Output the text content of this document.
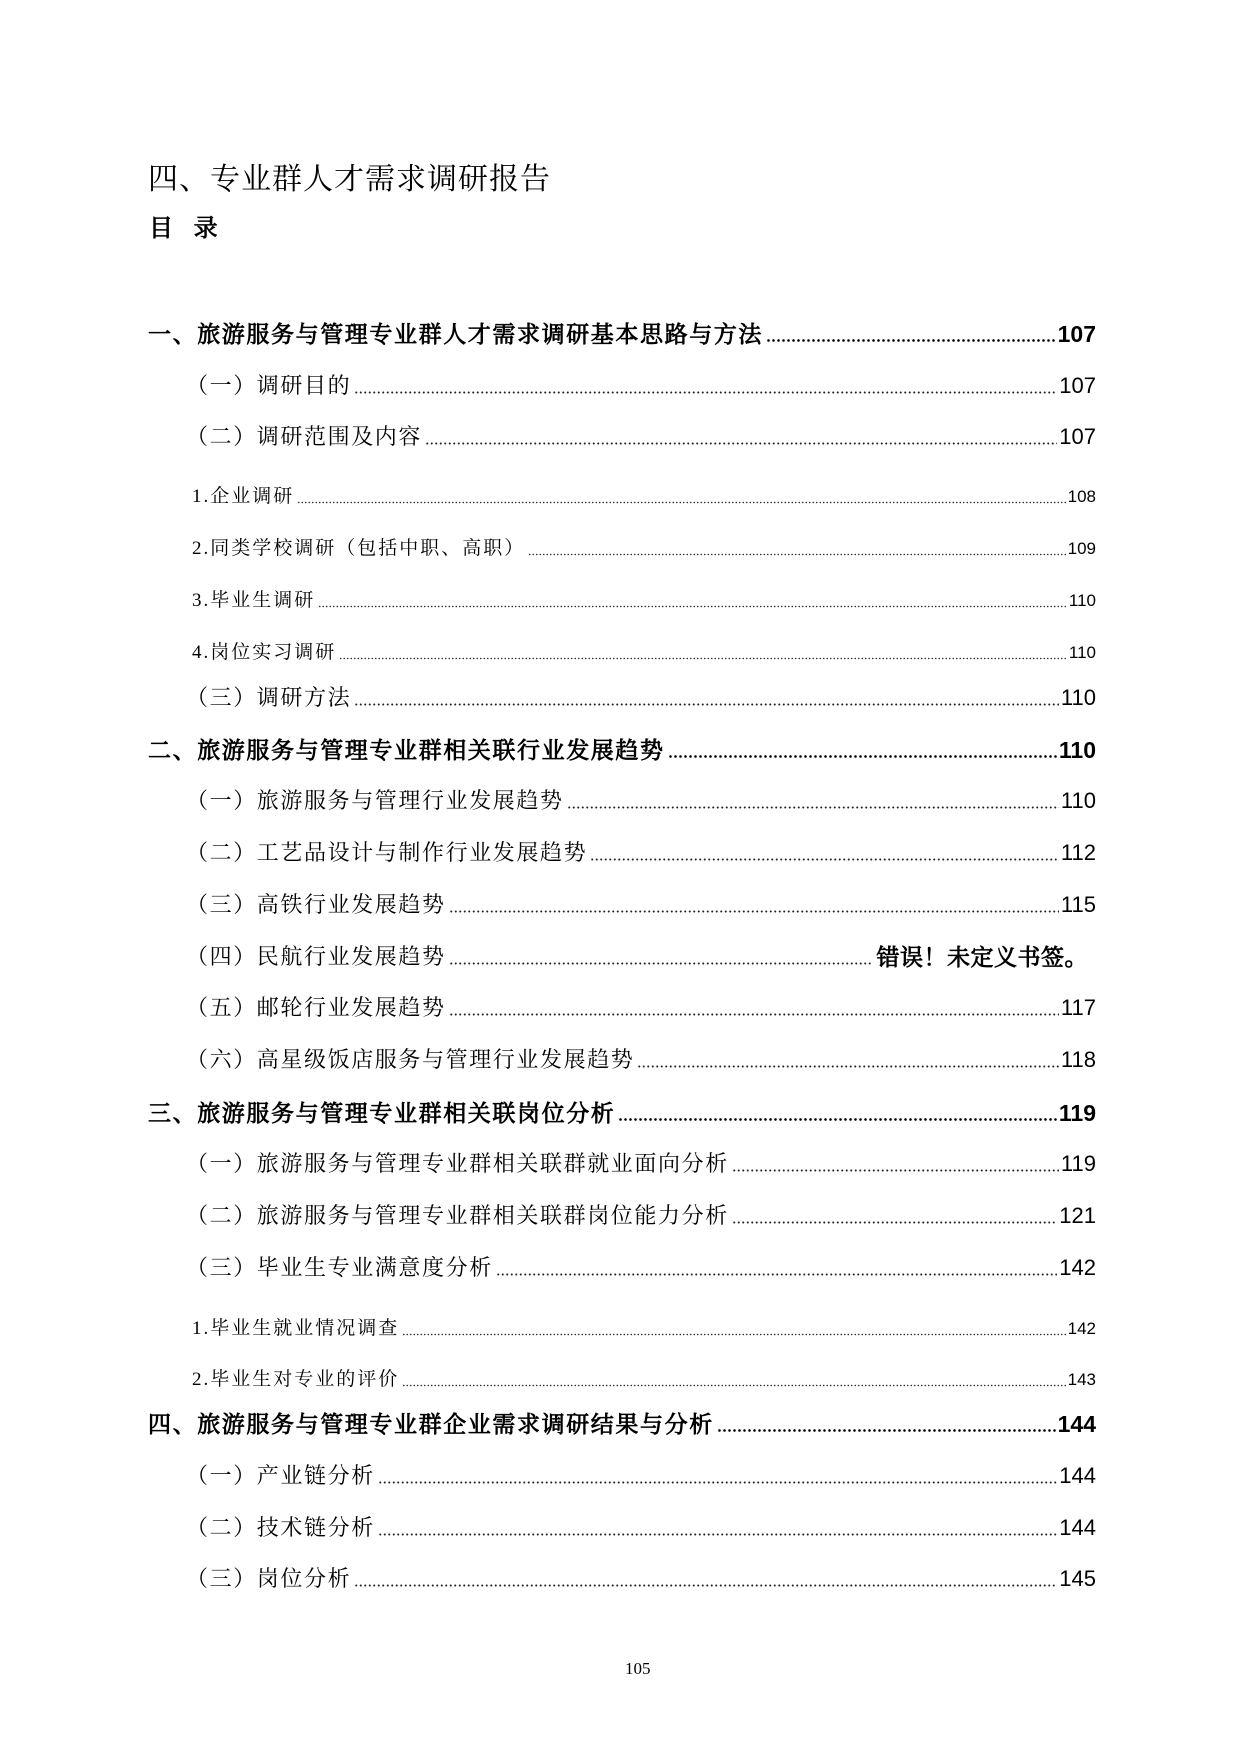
四、专业群人才需求调研报告
目 录
一、旅游服务与管理专业群人才需求调研基本思路与方法	107
（一）调研目的	107
（二）调研范围及内容	107
1.企业调研	108
2.同类学校调研（包括中职、高职）	109
3.毕业生调研	110
4.岗位实习调研	110
（三）调研方法	110
二、旅游服务与管理专业群相关联行业发展趋势	110
（一）旅游服务与管理行业发展趋势	110
（二）工艺品设计与制作行业发展趋势	112
（三）高铁行业发展趋势	115
（四）民航行业发展趋势	错误！未定义书签。
（五）邮轮行业发展趋势	117
（六）高星级饭店服务与管理行业发展趋势	118
三、旅游服务与管理专业群相关联岗位分析	119
（一）旅游服务与管理专业群相关联群就业面向分析	119
（二）旅游服务与管理专业群相关联群岗位能力分析	121
（三）毕业生专业满意度分析	142
1.毕业生就业情况调查	142
2.毕业生对专业的评价	143
四、旅游服务与管理专业群企业需求调研结果与分析	144
（一）产业链分析	144
（二）技术链分析	144
（三）岗位分析	145
105
